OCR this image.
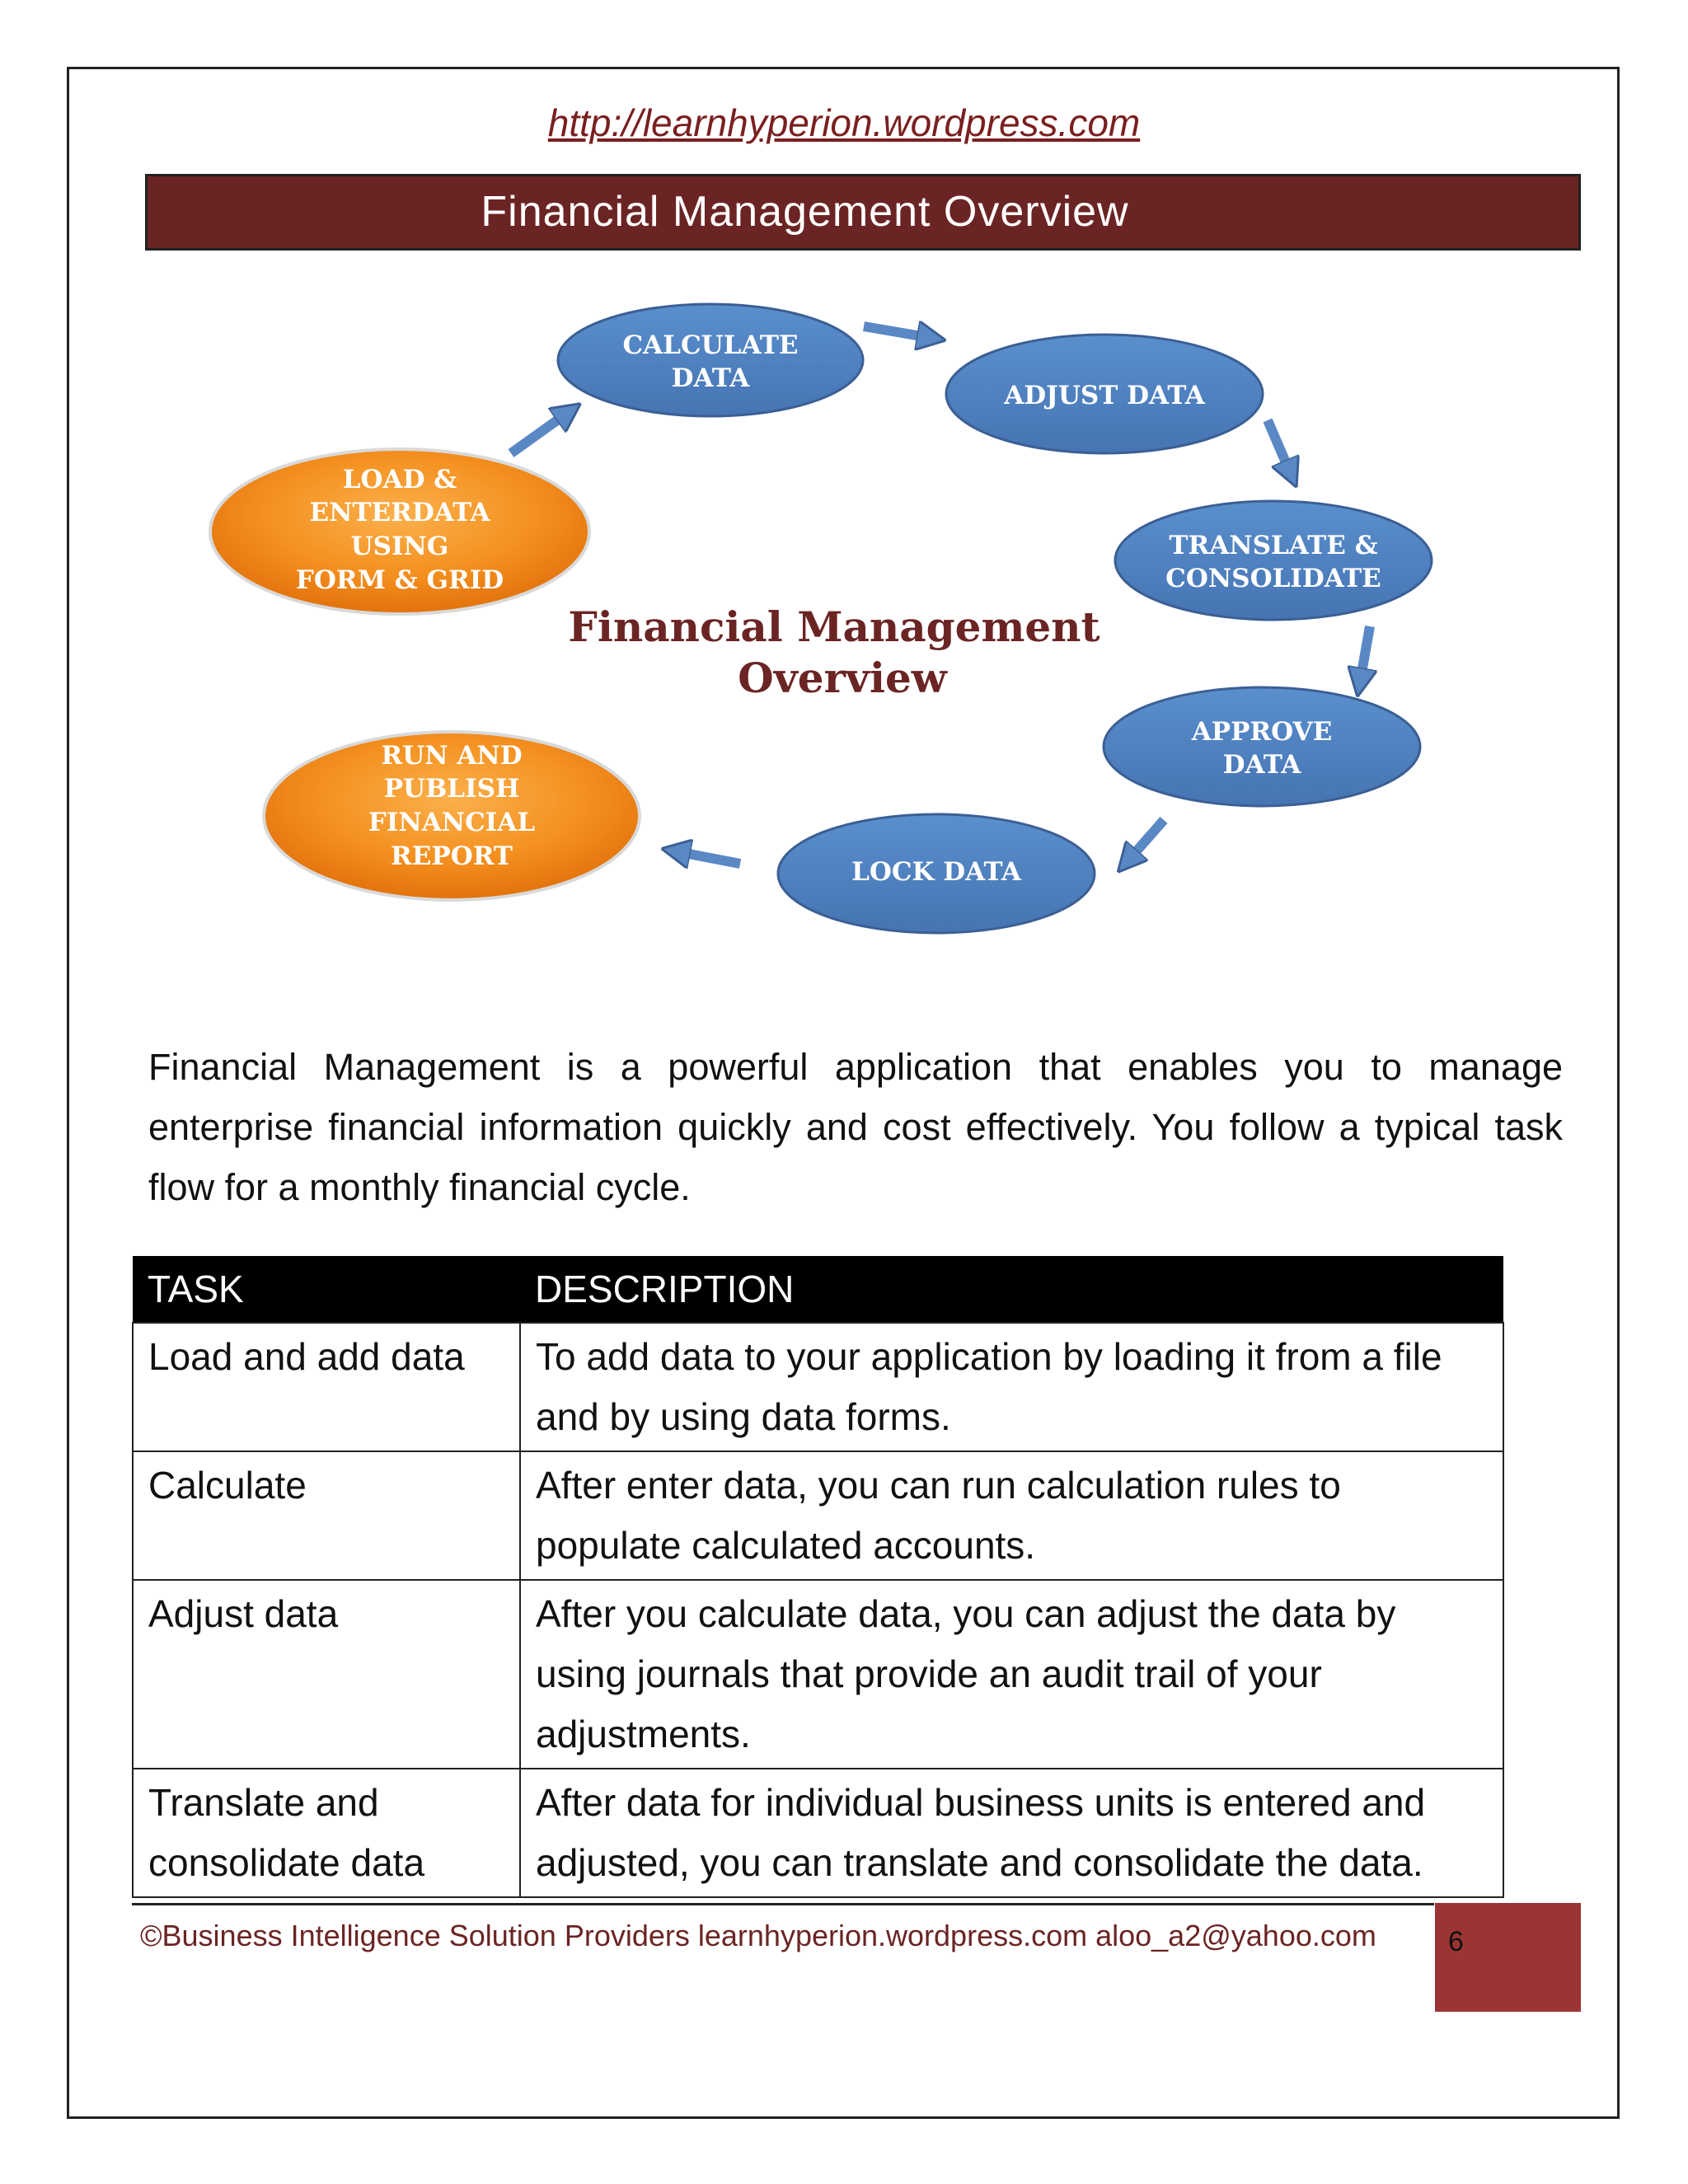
http://learnhyperion.wordpress.com
Financial Management Overview
CALCULATE
DATA
ADJUST DATA
TRANSLATE &
CONSOLIDATE
APPROVE
DATA
LOCK DATA
RUN AND
PUBLISH
FINANCIAL
REPORT
LOAD &
ENTERDATA
USING
FORM & GRID
Financial Management
Overview
Financial Management is a powerful application that enables you to manage enterprise financial information quickly and cost effectively. You follow a typical task flow for a monthly financial cycle.
TASK	DESCRIPTION
Load and add data	To add data to your application by loading it from a file and by using data forms.
Calculate	After enter data, you can run calculation rules to populate calculated accounts.
Adjust data	After you calculate data, you can adjust the data by using journals that provide an audit trail of your adjustments.
Translate and consolidate data	After data for individual business units is entered and adjusted, you can translate and consolidate the data.
©Business Intelligence Solution Providers learnhyperion.wordpress.com aloo_a2@yahoo.com	6
